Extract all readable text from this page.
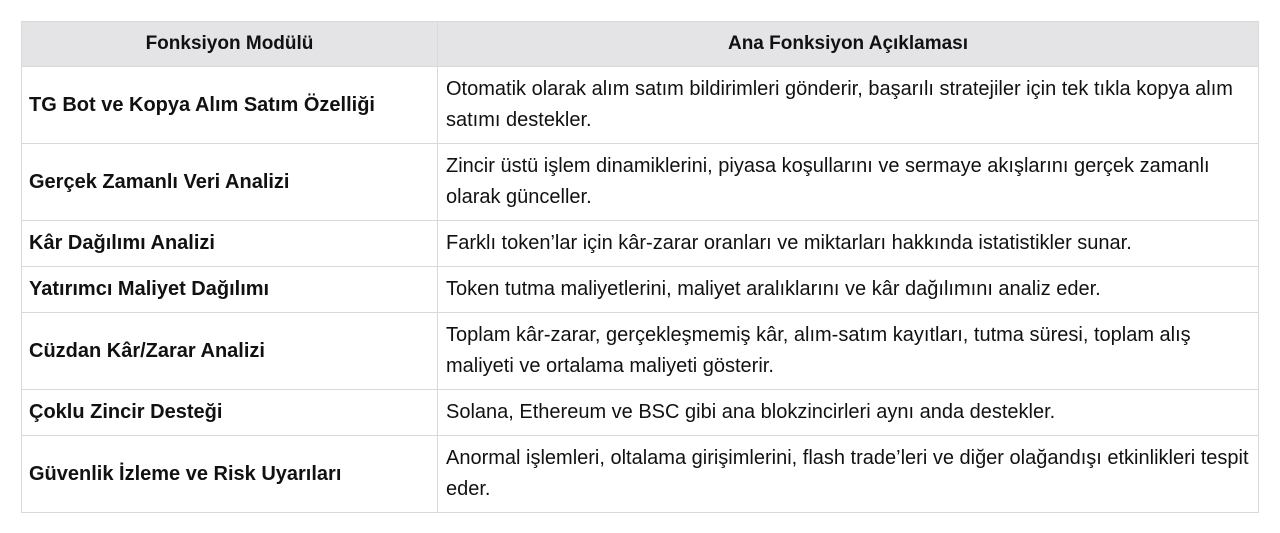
Fonksiyon Modülü	Ana Fonksiyon Açıklaması
TG Bot ve Kopya Alım Satım Özelliği	Otomatik olarak alım satım bildirimleri gönderir, başarılı stratejiler için tek tıkla kopya alım satımı destekler.
Gerçek Zamanlı Veri Analizi	Zincir üstü işlem dinamiklerini, piyasa koşullarını ve sermaye akışlarını gerçek zamanlı olarak günceller.
Kâr Dağılımı Analizi	Farklı token’lar için kâr-zarar oranları ve miktarları hakkında istatistikler sunar.
Yatırımcı Maliyet Dağılımı	Token tutma maliyetlerini, maliyet aralıklarını ve kâr dağılımını analiz eder.
Cüzdan Kâr/Zarar Analizi	Toplam kâr-zarar, gerçekleşmemiş kâr, alım-satım kayıtları, tutma süresi, toplam alış maliyeti ve ortalama maliyeti gösterir.
Çoklu Zincir Desteği	Solana, Ethereum ve BSC gibi ana blokzincirleri aynı anda destekler.
Güvenlik İzleme ve Risk Uyarıları	Anormal işlemleri, oltalama girişimlerini, flash trade’leri ve diğer olağandışı etkinlikleri tespit eder.
